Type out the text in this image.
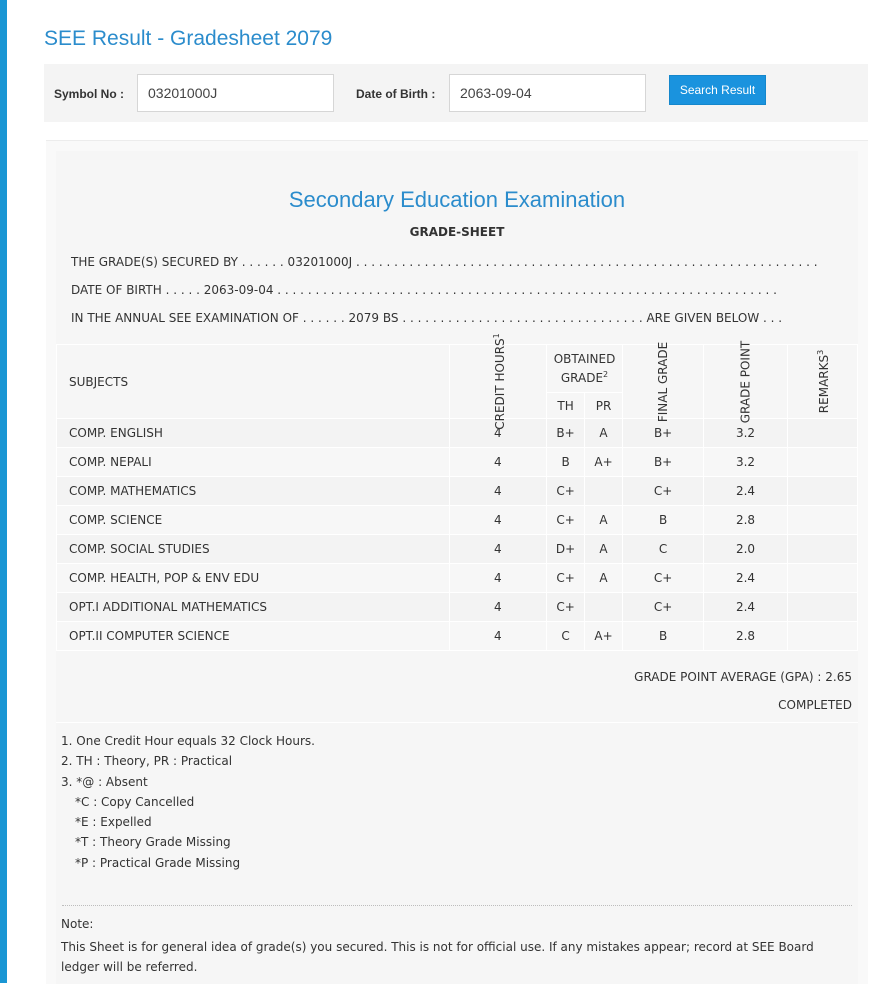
SEE Result - Gradesheet 2079
Symbol No :	03201000J	Date of Birth :	2063-09-04	Search Result
Secondary Education Examination
GRADE-SHEET
THE GRADE(S) SECURED BY . . . . . . 03201000J . . . . . . . . . . . . . . . . . . . . . . . . . . . . . . . . . . . . . . . . . . . . . . . . . . . . . . . . . . . . .
DATE OF BIRTH . . . . . 2063-09-04 . . . . . . . . . . . . . . . . . . . . . . . . . . . . . . . . . . . . . . . . . . . . . . . . . . . . . . . . . . . . . . . . . .
IN THE ANNUAL SEE EXAMINATION OF . . . . . . 2079 BS . . . . . . . . . . . . . . . . . . . . . . . . . . . . . . . . ARE GIVEN BELOW . . .
SUBJECTS	CREDIT HOURS$^1$	OBTAINED GRADE$^2$		FINAL GRADE	GRADE POINT	REMARKS$^3$
		TH	PR			
COMP. ENGLISH	4	B+	A	B+	3.2	
COMP. NEPALI	4	B	A+	B+	3.2	
COMP. MATHEMATICS	4	C+		C+	2.4	
COMP. SCIENCE	4	C+	A	B	2.8	
COMP. SOCIAL STUDIES	4	D+	A	C	2.0	
COMP. HEALTH, POP & ENV EDU	4	C+	A	C+	2.4	
OPT.I ADDITIONAL MATHEMATICS	4	C+		C+	2.4	
OPT.II COMPUTER SCIENCE	4	C	A+	B	2.8	
GRADE POINT AVERAGE (GPA) : 2.65
COMPLETED
1. One Credit Hour equals 32 Clock Hours.
2. TH : Theory, PR : Practical
3. *@ : Absent
*C : Copy Cancelled
*E : Expelled
*T : Theory Grade Missing
*P : Practical Grade Missing
Note:
This Sheet is for general idea of grade(s) you secured. This is not for official use. If any mistakes appear; record at SEE Board ledger will be referred.
